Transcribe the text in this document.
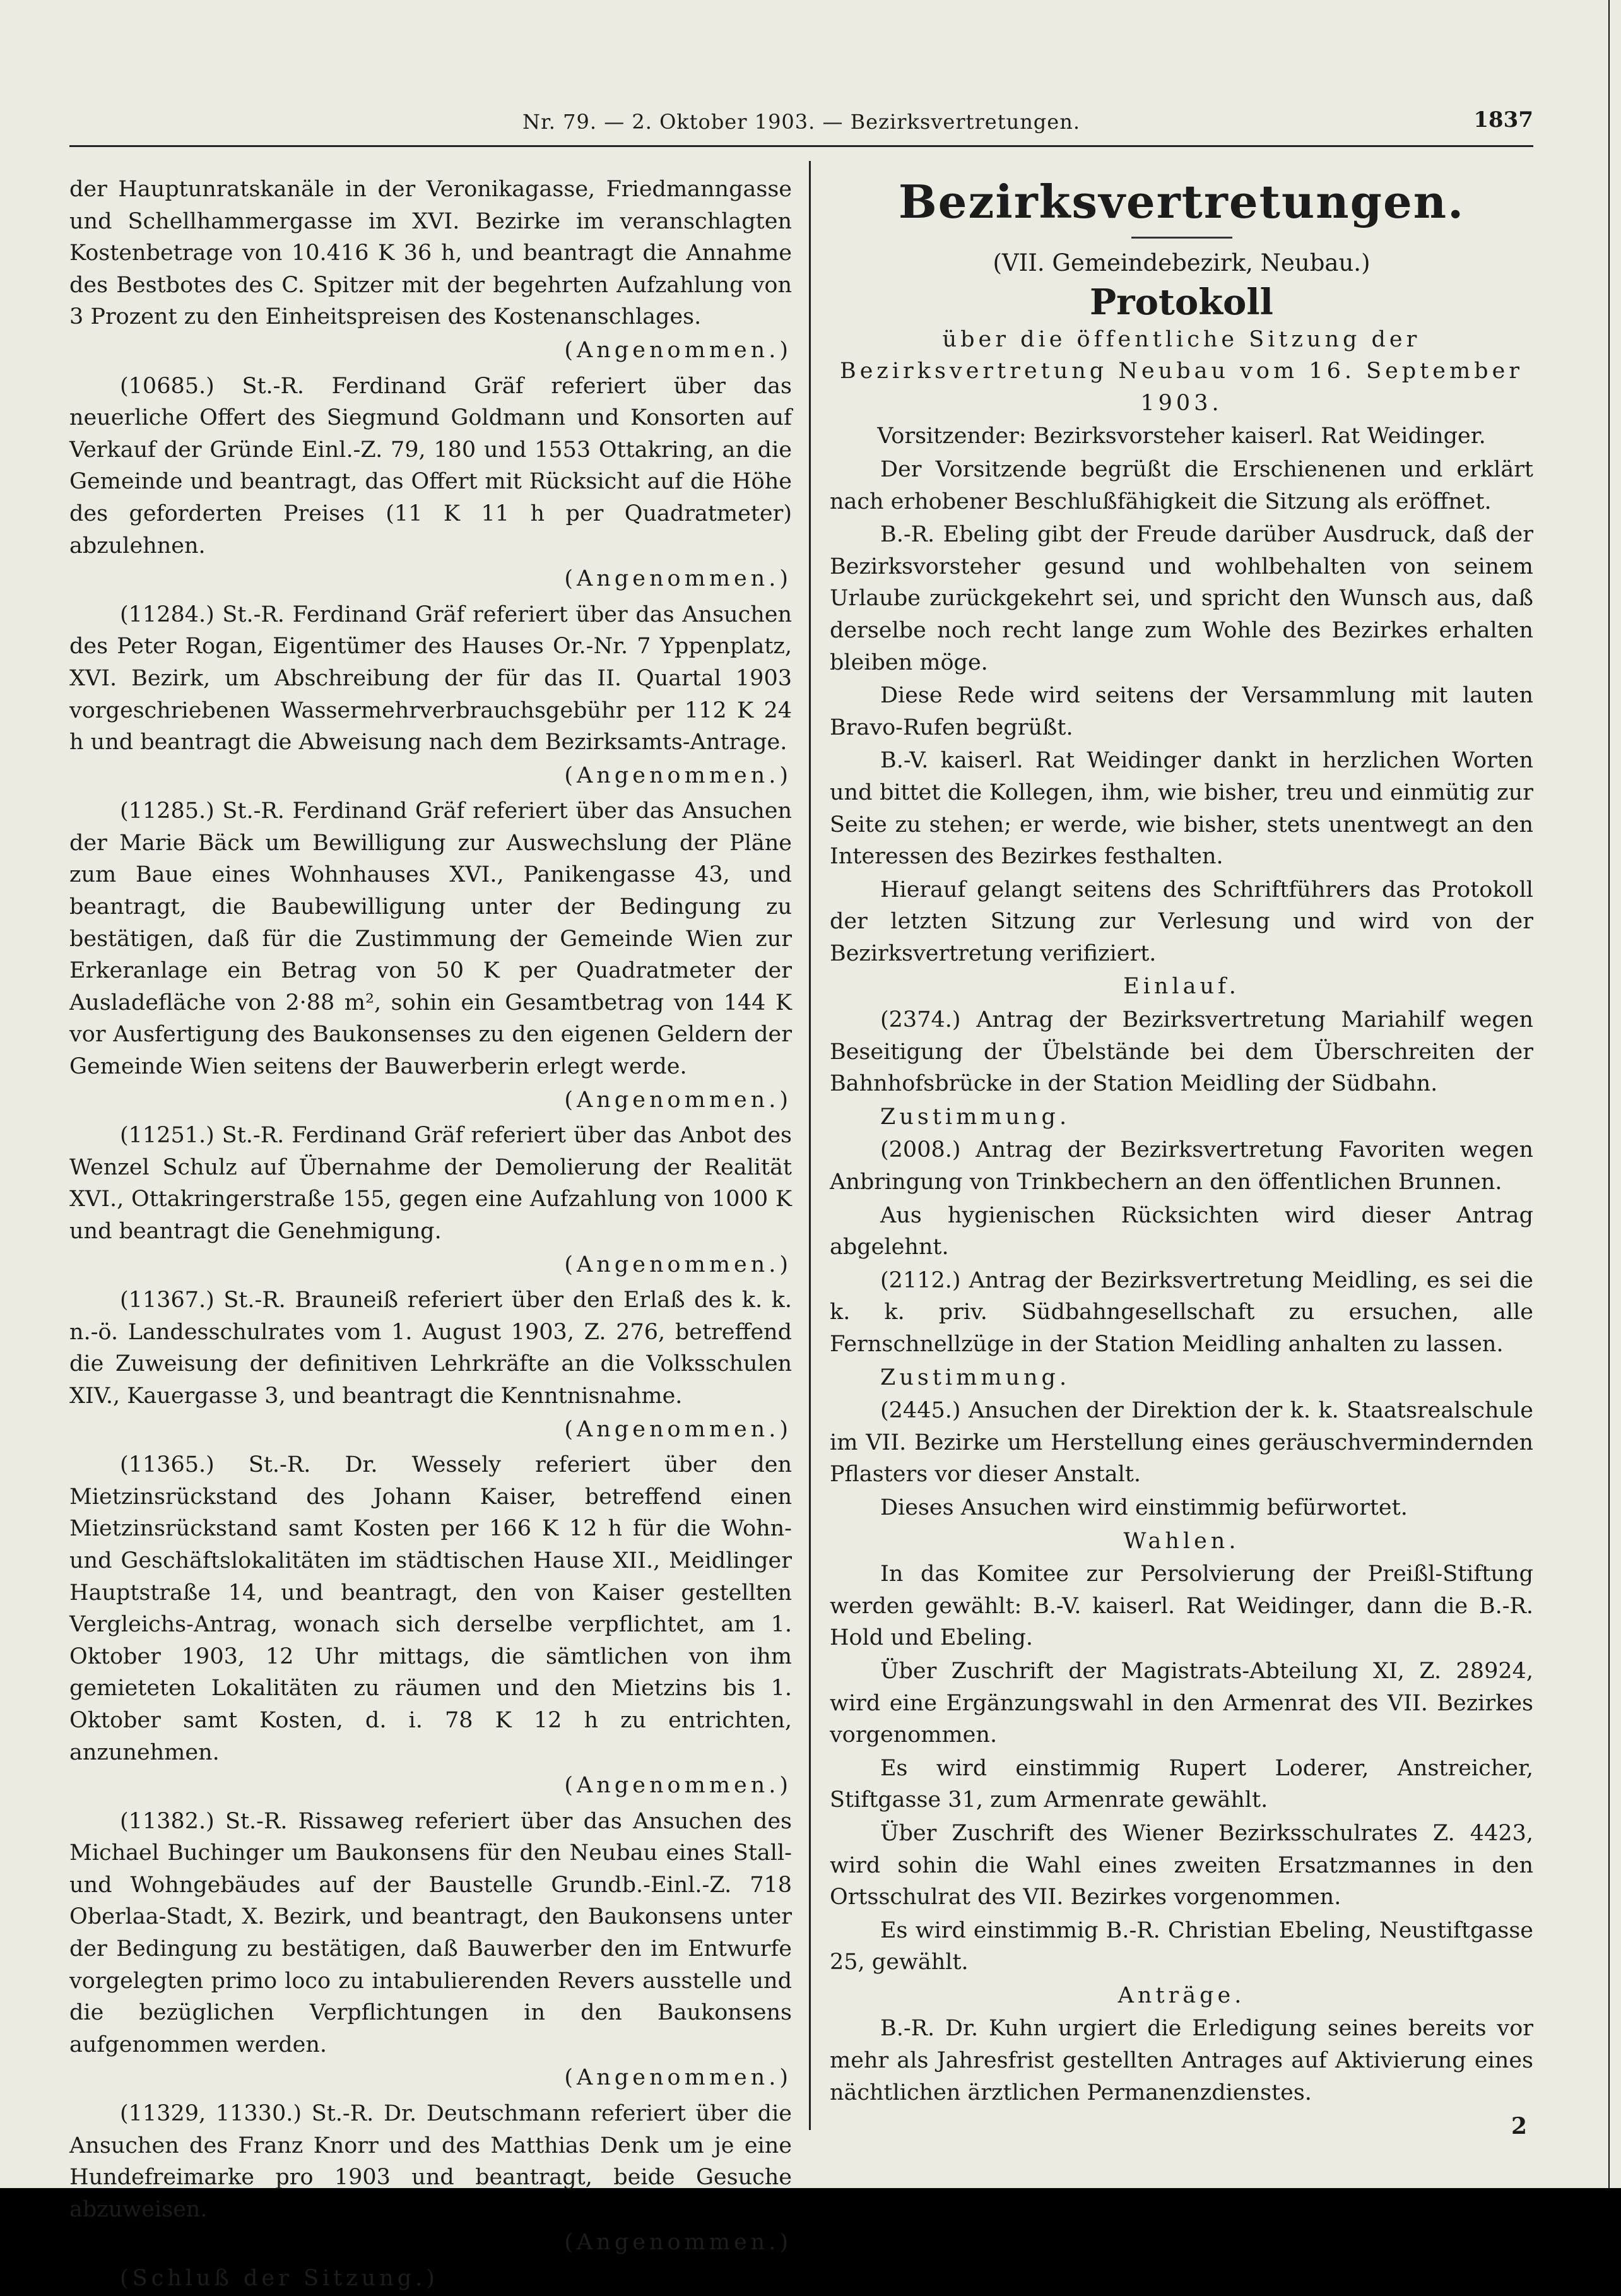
Nr. 79. — 2. Oktober 1903. — Bezirksvertretungen.	1837

der Hauptunratskanäle in der Veronikagasse, Friedmanngasse und Schellhammergasse im XVI. Bezirke im veranschlagten Kostenbetrage von 10.416 K 36 h, und beantragt die Annahme des Bestbotes des C. Spitzer mit der begehrten Aufzahlung von 3 Prozent zu den Einheitspreisen des Kostenanschlages.

(Angenommen.)

(10685.) St.-R. Ferdinand Gräf referiert über das neuerliche Offert des Siegmund Goldmann und Konsorten auf Verkauf der Gründe Einl.-Z. 79, 180 und 1553 Ottakring, an die Gemeinde und beantragt, das Offert mit Rücksicht auf die Höhe des geforderten Preises (11 K 11 h per Quadratmeter) abzulehnen.

(Angenommen.)

(11284.) St.-R. Ferdinand Gräf referiert über das Ansuchen des Peter Rogan, Eigentümer des Hauses Or.-Nr. 7 Yppenplatz, XVI. Bezirk, um Abschreibung der für das II. Quartal 1903 vorgeschriebenen Wassermehrverbrauchsgebühr per 112 K 24 h und beantragt die Abweisung nach dem Bezirksamts-Antrage.

(Angenommen.)

(11285.) St.-R. Ferdinand Gräf referiert über das Ansuchen der Marie Bäck um Bewilligung zur Auswechslung der Pläne zum Baue eines Wohnhauses XVI., Panikengasse 43, und beantragt, die Baubewilligung unter der Bedingung zu bestätigen, daß für die Zustimmung der Gemeinde Wien zur Erkeranlage ein Betrag von 50 K per Quadratmeter der Ausladefläche von 2·88 m², sohin ein Gesamtbetrag von 144 K vor Ausfertigung des Baukonsenses zu den eigenen Geldern der Gemeinde Wien seitens der Bauwerberin erlegt werde.

(Angenommen.)

(11251.) St.-R. Ferdinand Gräf referiert über das Anbot des Wenzel Schulz auf Übernahme der Demolierung der Realität XVI., Ottakringerstraße 155, gegen eine Aufzahlung von 1000 K und beantragt die Genehmigung.

(Angenommen.)

(11367.) St.-R. Brauneiß referiert über den Erlaß des k. k. n.-ö. Landesschulrates vom 1. August 1903, Z. 276, betreffend die Zuweisung der definitiven Lehrkräfte an die Volksschulen XIV., Kauergasse 3, und beantragt die Kenntnisnahme.

(Angenommen.)

(11365.) St.-R. Dr. Wessely referiert über den Mietzinsrückstand des Johann Kaiser, betreffend einen Mietzinsrückstand samt Kosten per 166 K 12 h für die Wohn- und Geschäftslokalitäten im städtischen Hause XII., Meidlinger Hauptstraße 14, und beantragt, den von Kaiser gestellten Vergleichs-Antrag, wonach sich derselbe verpflichtet, am 1. Oktober 1903, 12 Uhr mittags, die sämtlichen von ihm gemieteten Lokalitäten zu räumen und den Mietzins bis 1. Oktober samt Kosten, d. i. 78 K 12 h zu entrichten, anzunehmen.

(Angenommen.)

(11382.) St.-R. Rissaweg referiert über das Ansuchen des Michael Buchinger um Baukonsens für den Neubau eines Stall- und Wohngebäudes auf der Baustelle Grundb.-Einl.-Z. 718 Oberlaa-Stadt, X. Bezirk, und beantragt, den Baukonsens unter der Bedingung zu bestätigen, daß Bauwerber den im Entwurfe vorgelegten primo loco zu intabulierenden Revers ausstelle und die bezüglichen Verpflichtungen in den Baukonsens aufgenommen werden.

(Angenommen.)

(11329, 11330.) St.-R. Dr. Deutschmann referiert über die Ansuchen des Franz Knorr und des Matthias Denk um je eine Hundefreimarke pro 1903 und beantragt, beide Gesuche abzuweisen.

(Angenommen.)

(Schluß der Sitzung.)

Bezirksvertretungen.
(VII. Gemeindebezirk, Neubau.)
Protokoll

über die öffentliche Sitzung der Bezirksvertretung Neubau vom 16. September 1903.

Vorsitzender: Bezirksvorsteher kaiserl. Rat Weidinger.

Der Vorsitzende begrüßt die Erschienenen und erklärt nach erhobener Beschlußfähigkeit die Sitzung als eröffnet.

B.-R. Ebeling gibt der Freude darüber Ausdruck, daß der Bezirksvorsteher gesund und wohlbehalten von seinem Urlaube zurückgekehrt sei, und spricht den Wunsch aus, daß derselbe noch recht lange zum Wohle des Bezirkes erhalten bleiben möge.

Diese Rede wird seitens der Versammlung mit lauten Bravo-Rufen begrüßt.

B.-V. kaiserl. Rat Weidinger dankt in herzlichen Worten und bittet die Kollegen, ihm, wie bisher, treu und einmütig zur Seite zu stehen; er werde, wie bisher, stets unentwegt an den Interessen des Bezirkes festhalten.

Hierauf gelangt seitens des Schriftführers das Protokoll der letzten Sitzung zur Verlesung und wird von der Bezirksvertretung verifiziert.

Einlauf.

(2374.) Antrag der Bezirksvertretung Mariahilf wegen Beseitigung der Übelstände bei dem Überschreiten der Bahnhofsbrücke in der Station Meidling der Südbahn.

Zustimmung.

(2008.) Antrag der Bezirksvertretung Favoriten wegen Anbringung von Trinkbechern an den öffentlichen Brunnen.

Aus hygienischen Rücksichten wird dieser Antrag abgelehnt.

(2112.) Antrag der Bezirksvertretung Meidling, es sei die k. k. priv. Südbahngesellschaft zu ersuchen, alle Fernschnellzüge in der Station Meidling anhalten zu lassen.

Zustimmung.

(2445.) Ansuchen der Direktion der k. k. Staatsrealschule im VII. Bezirke um Herstellung eines geräuschvermindernden Pflasters vor dieser Anstalt.

Dieses Ansuchen wird einstimmig befürwortet.

Wahlen.

In das Komitee zur Persolvierung der Preißl-Stiftung werden gewählt: B.-V. kaiserl. Rat Weidinger, dann die B.-R. Hold und Ebeling.

Über Zuschrift der Magistrats-Abteilung XI, Z. 28924, wird eine Ergänzungswahl in den Armenrat des VII. Bezirkes vorgenommen.

Es wird einstimmig Rupert Loderer, Anstreicher, Stiftgasse 31, zum Armenrate gewählt.

Über Zuschrift des Wiener Bezirksschulrates Z. 4423, wird sohin die Wahl eines zweiten Ersatzmannes in den Ortsschulrat des VII. Bezirkes vorgenommen.

Es wird einstimmig B.-R. Christian Ebeling, Neustiftgasse 25, gewählt.

Anträge.

B.-R. Dr. Kuhn urgiert die Erledigung seines bereits vor mehr als Jahresfrist gestellten Antrages auf Aktivierung eines nächtlichen ärztlichen Permanenzdienstes.

2
